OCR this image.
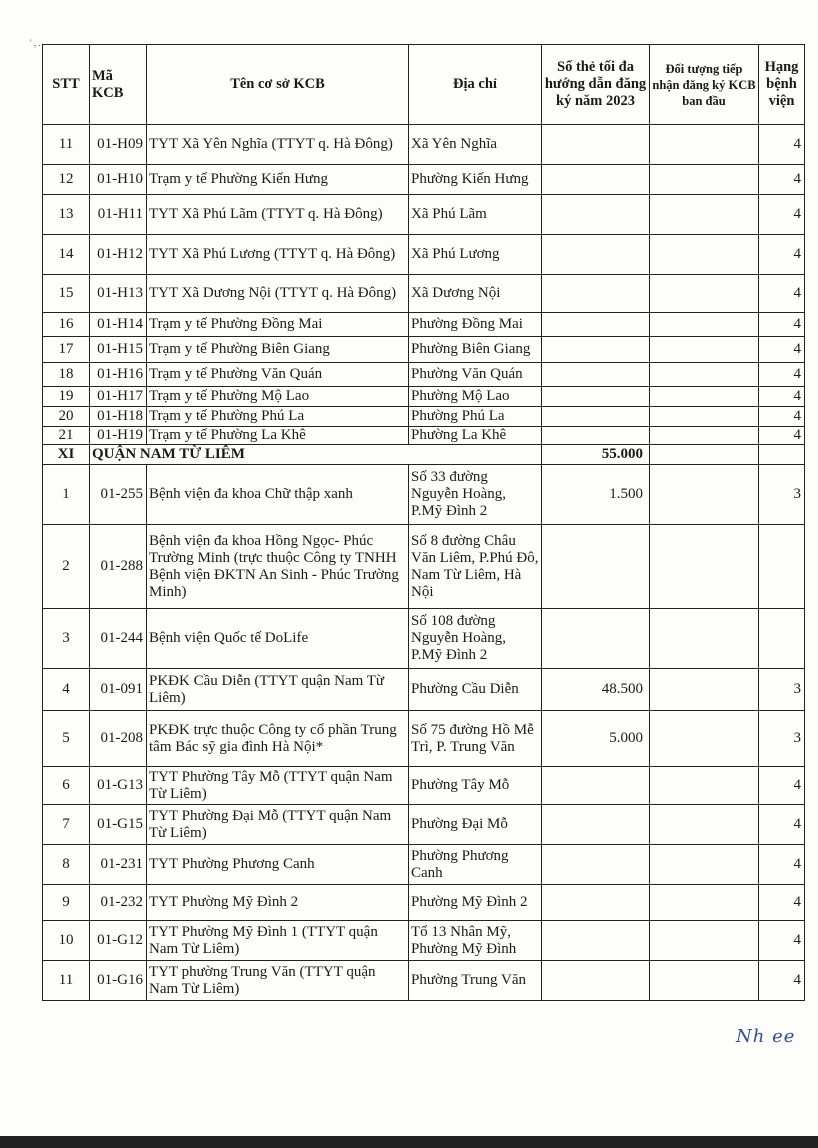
' , .
STT	Mã KCB	Tên cơ sở KCB	Địa chỉ	Số thẻ tối đa hướng dẫn đăng ký năm 2023	Đối tượng tiếp nhận đăng ký KCB ban đầu	Hạng bệnh viện
11	01-H09	TYT Xã Yên Nghĩa (TTYT q. Hà Đông)	Xã Yên Nghĩa			4
12	01-H10	Trạm y tế Phường Kiến Hưng	Phường Kiến Hưng			4
13	01-H11	TYT Xã Phú Lãm (TTYT q. Hà Đông)	Xã Phú Lãm			4
14	01-H12	TYT Xã Phú Lương (TTYT q. Hà Đông)	Xã Phú Lương			4
15	01-H13	TYT Xã Dương Nội (TTYT q. Hà Đông)	Xã Dương Nội			4
16	01-H14	Trạm y tế Phường Đồng Mai	Phường Đồng Mai			4
17	01-H15	Trạm y tế Phường Biên Giang	Phường Biên Giang			4
18	01-H16	Trạm y tế Phường Văn Quán	Phường Văn Quán			4
19	01-H17	Trạm y tế Phường Mộ Lao	Phường Mộ Lao			4
20	01-H18	Trạm y tế Phường Phú La	Phường Phú La			4
21	01-H19	Trạm y tế Phường La Khê	Phường La Khê			4
XI	QUẬN NAM TỪ LIÊM			55.000		
1	01-255	Bệnh viện đa khoa Chữ thập xanh	Số 33 đường Nguyễn Hoàng, P.Mỹ Đình 2	1.500		3
2	01-288	Bệnh viện đa khoa Hồng Ngọc- Phúc Trường Minh (trực thuộc Công ty TNHH Bệnh viện ĐKTN An Sinh - Phúc Trường Minh)	Số 8 đường Châu Văn Liêm, P.Phú Đô, Nam Từ Liêm, Hà Nội			
3	01-244	Bệnh viện Quốc tế DoLife	Số 108 đường Nguyễn Hoàng, P.Mỹ Đình 2			
4	01-091	PKĐK Cầu Diễn (TTYT quận Nam Từ Liêm)	Phường Cầu Diễn	48.500		3
5	01-208	PKĐK trực thuộc Công ty cổ phần Trung tâm Bác sỹ gia đình Hà Nội*	Số 75 đường Hồ Mễ Trì, P. Trung Văn	5.000		3
6	01-G13	TYT Phường Tây Mỗ (TTYT quận Nam Từ Liêm)	Phường Tây Mỗ			4
7	01-G15	TYT Phường Đại Mỗ (TTYT quận Nam Từ Liêm)	Phường Đại Mỗ			4
8	01-231	TYT Phường Phương Canh	Phường Phương Canh			4
9	01-232	TYT Phường Mỹ Đình 2	Phường Mỹ Đình 2			4
10	01-G12	TYT Phường Mỹ Đình 1 (TTYT quận Nam Từ Liêm)	Tổ 13 Nhân Mỹ, Phường Mỹ Đình			4
11	01-G16	TYT phường Trung Văn (TTYT quận Nam Từ Liêm)	Phường Trung Văn			4
Nh ee
